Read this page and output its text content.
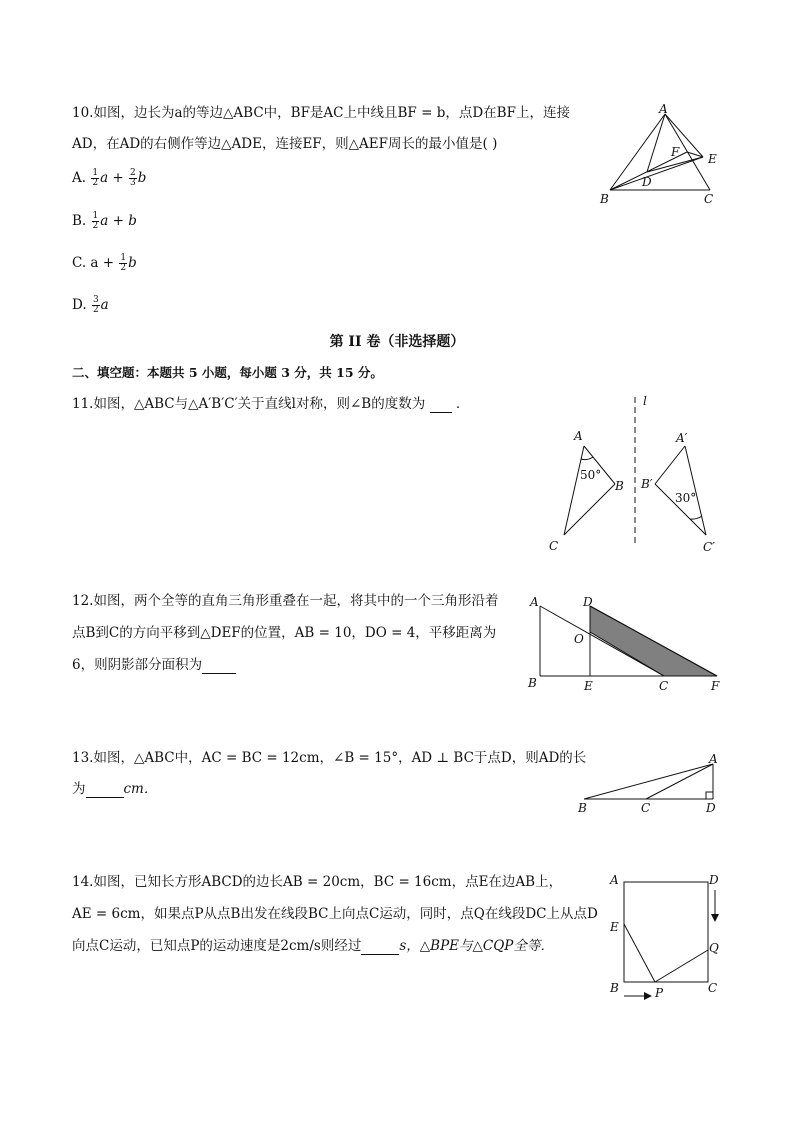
10.如图，边长为a的等边△ABC中，BF是AC上中线且BF = b，点D在BF上，连接
AD，在AD的右侧作等边△ADE，连接EF，则△AEF周长的最小值是( )
A. $\frac{1}{2}$ $a + \frac{2}{3}$ b
B. $\frac{1}{2}$ a + b
C. $a + \frac{1}{2}$ b
D. $\frac{3}{2}$ a
A
B	C
D
E
F
第 II 卷（非选择题）
二、填空题：本题共 5 小题，每小题 3 分，共 15 分。
11.如图，△ABC与△A′B′C′关于直线l对称，则∠B的度数为 ．
A
B
C
50°
l
A′
B′
C′
30°
12.如图，两个全等的直角三角形重叠在一起，将其中的一个三角形沿着
点B到C的方向平移到△DEF的位置，AB = 10，DO = 4，平移距离为
6，则阴影部分面积为
A	D
O
B	E	C	F
13.如图，△ABC中，AC = BC = 12cm，∠B = 15°，AD ⊥ BC于点D，则AD的长
为	cm．
A
B	C	D
14.如图，已知长方形ABCD的边长AB = 20cm，BC = 16cm，点E在边AB上，
AE = 6cm，如果点P从点B出发在线段BC上向点C运动，同时，点Q在线段DC上从点D
向点C运动，已知点P的运动速度是2cm/s则经过	s，△BPE与△CQP全等．
A	D
E
Q
B	P	C
